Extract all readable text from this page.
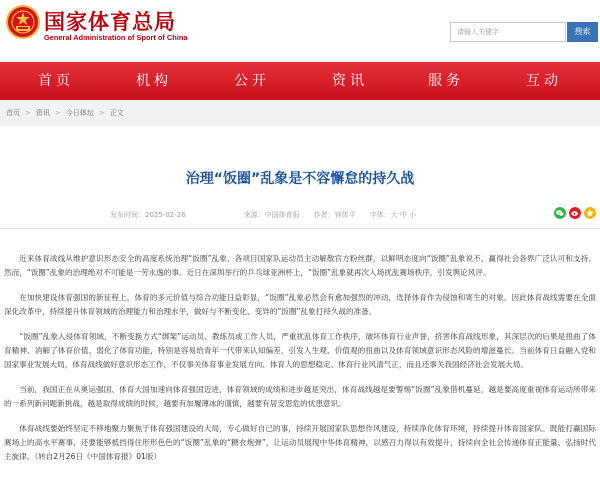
国家体育总局
General Administration of Sport of China
请输入关键字	搜索
首页	机构	公开	资讯	服务	互动
首页 > 资讯 > 今日体坛 > 正文
治理“饭圈”乱象是不容懈怠的持久战
发布时间：2025-02-26	来源：中国体育报 作者：钟体平 字体：大 中 小

近来体育战线从维护意识形态安全的高度系统治理“饭圈”乱象，各项目国家队运动员主动解散官方粉丝群，以鲜明态度向“饭圈”乱象说不，赢得社会各界广泛认可和支持。然而，“饭圈”乱象的治理绝对不可能是一劳永逸的事。近日在深圳举行的乒乓球亚洲杯上，“饭圈”乱象就再次入场扰乱赛场秩序，引发舆论风评。

在加快建设体育强国的新征程上，体育的多元价值与综合功能日益彰显，“饭圈”乱象必然会有愈加强烈的冲动，选择体育作为侵蚀和寄生的对象。因此体育战线需要在全面深化改革中，持续提升体育领域的治理能力和治理水平，做好与不断变化、变异的“饭圈”乱象打持久战的准备。

“饭圈”乱象入侵体育领域，不断变换方式“绑架”运动员、教练员或工作人员，严重扰乱体育工作秩序，破坏体育行业声誉，挤害体育战线形象，其深层次的后果是扭曲了体育精神、消解了体育价值、弱化了体育功能，特别是容易给青年一代带来认知偏差，引发人生观、价值观的扭曲以及体育领域意识形态风险的增滋蔓长。当前体育日益融入党和国家事业发展大局，体育战线做好意识形态工作，不仅事关体育事业发展方向、体育人的思想稳定、体育行业风清气正，而且还事关我国经济社会发展大局。

当前，我国正在从奥运强国、体育大国加速向体育强国迈进，体育领域的成绩和进步越是突出，体育战线越是要警惕“饭圈”乱象借机蔓延，越是要高度重视体育运动所带来的一系列新问题新挑战，越是取得成绩的时候，越要有加履薄冰的谨慎，越要有居安思危的忧患意识。

体育战线要始终坚定不移地聚力聚焦于体育强国建设的大局，专心做好自己的事，持续开展国家队思想作风建设，持续净化体育环境，持续提升体育国家队。既能打赢国际赛场上的高水平赛事，还要能够抵挡得住形形色色的“饭圈”乱象的“糖衣炮弹”，让运动员展现中华体育精神，以感召力得以有效提升，持续向全社会传递体育正能量、弘扬时代主旋律。（转自2月26日《中国体育报》01版）
